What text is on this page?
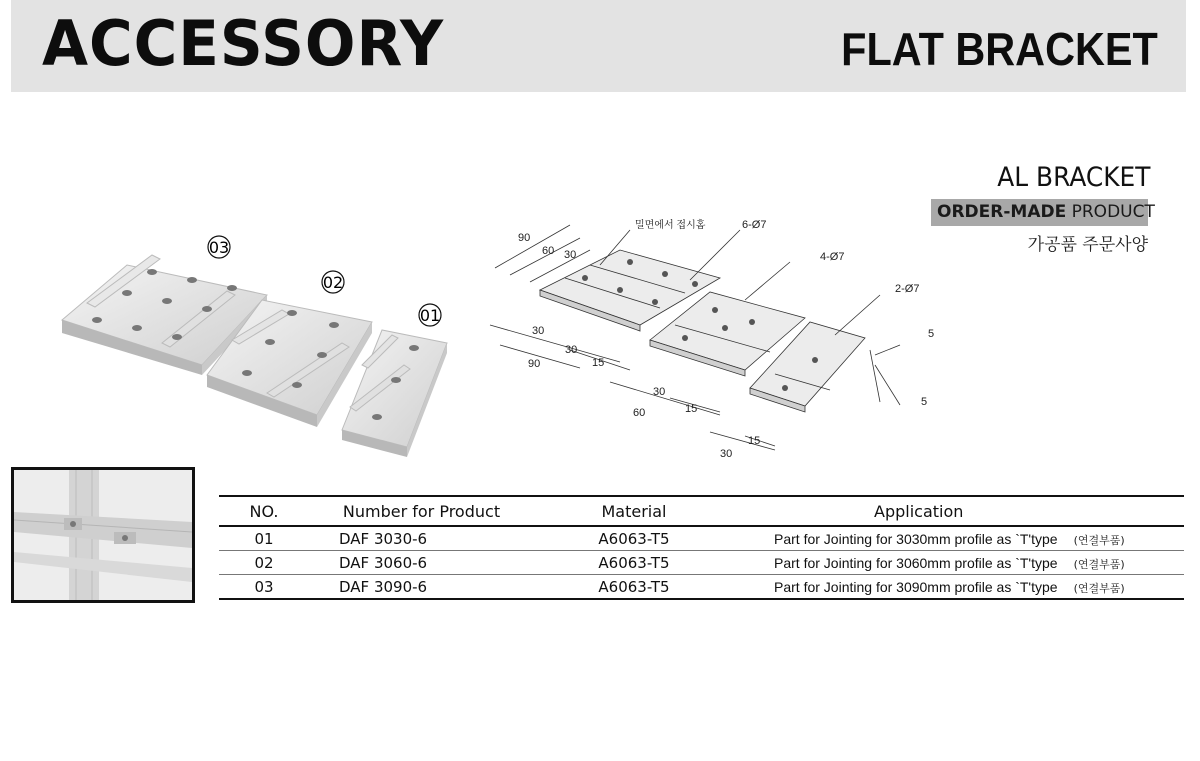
ACCESSORY	FLAT BRACKET
AL BRACKET
ORDER-MADE PRODUCT
가공품 주문사양
03
02
01
90
60 30
밀면에서 접시홈	6-Ø7
4-Ø7
2-Ø7
30
30
90	15
30
15
60
15
30
5
5
NO.	Number for Product	Material	Application
01	DAF 3030-6	A6063-T5	Part for Jointing for 3030mm profile as `T'type (연결부품)
02	DAF 3060-6	A6063-T5	Part for Jointing for 3060mm profile as `T'type (연결부품)
03	DAF 3090-6	A6063-T5	Part for Jointing for 3090mm profile as `T'type (연결부품)
